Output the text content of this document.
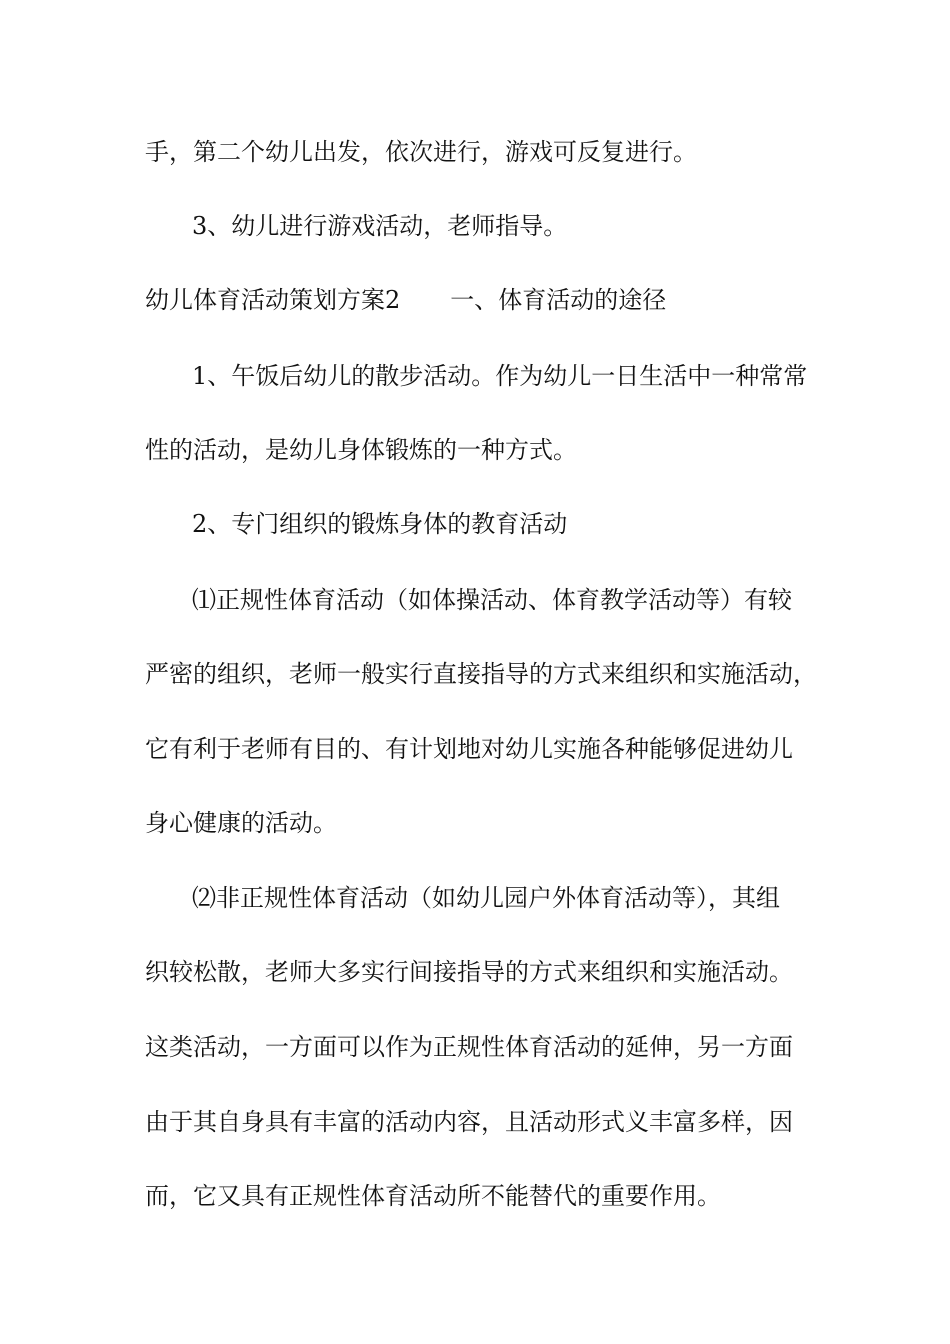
手，第二个幼儿出发，依次进行，游戏可反复进行。
3、幼儿进行游戏活动，老师指导。
幼儿体育活动策划方案2 一、体育活动的途径
1、午饭后幼儿的散步活动。作为幼儿一日生活中一种常常
性的活动，是幼儿身体锻炼的一种方式。
2、专门组织的锻炼身体的教育活动
⑴正规性体育活动（如体操活动、体育教学活动等）有较
严密的组织，老师一般实行直接指导的方式来组织和实施活动，
它有利于老师有目的、有计划地对幼儿实施各种能够促进幼儿
身心健康的活动。
⑵非正规性体育活动（如幼儿园户外体育活动等），其组
织较松散，老师大多实行间接指导的方式来组织和实施活动。
这类活动，一方面可以作为正规性体育活动的延伸，另一方面
由于其自身具有丰富的活动内容，且活动形式义丰富多样，因
而，它又具有正规性体育活动所不能替代的重要作用。
